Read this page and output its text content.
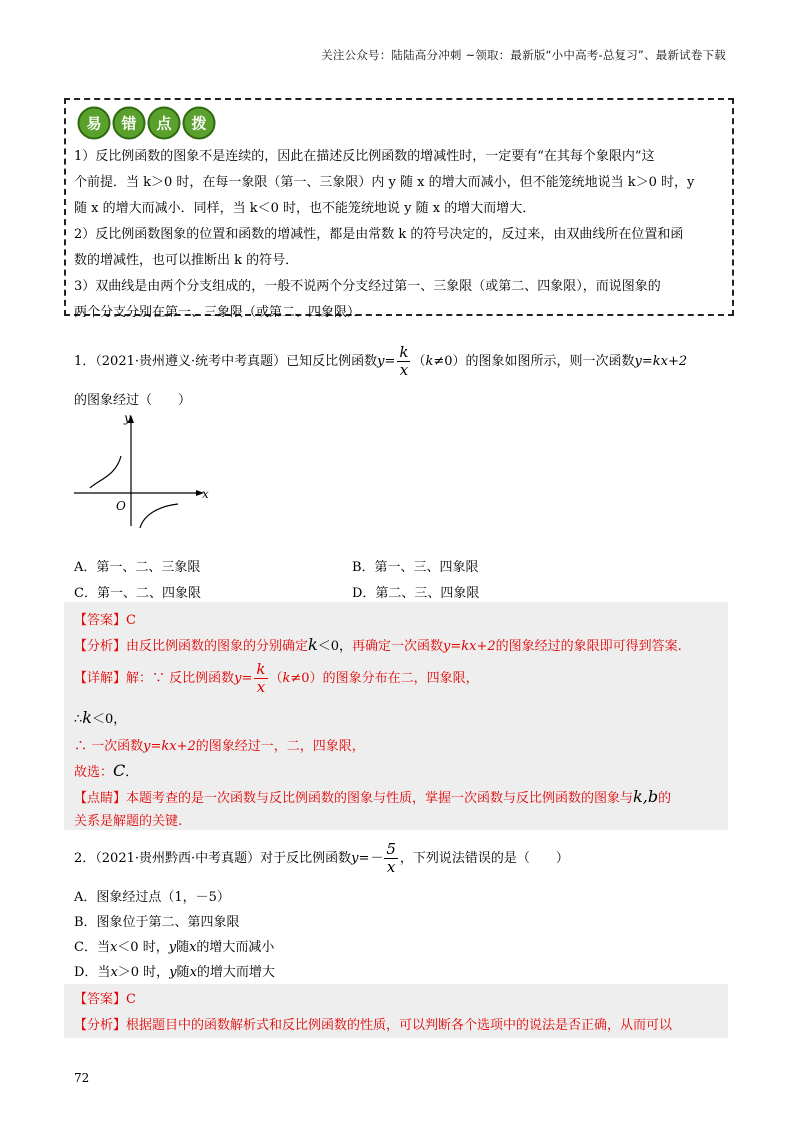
关注公众号：陆陆高分冲刺 ~领取：最新版“小中高考-总复习”、最新试卷下载
易 错 点 拨
1）反比例函数的图象不是连续的，因此在描述反比例函数的增减性时，一定要有“在其每个象限内”这
个前提．当 k＞0 时，在每一象限（第一、三象限）内 y 随 x 的增大而减小，但不能笼统地说当 k＞0 时，y
随 x 的增大而减小．同样，当 k＜0 时，也不能笼统地说 y 随 x 的增大而增大．
2）反比例函数图象的位置和函数的增减性，都是由常数 k 的符号决定的，反过来，由双曲线所在位置和函
数的增减性，也可以推断出 k 的符号．
3）双曲线是由两个分支组成的，一般不说两个分支经过第一、三象限（或第二、四象限），而说图象的
两个分支分别在第一、三象限（或第二、四象限）．
1．（2021·贵州遵义·统考中考真题）已知反比例函数$y= \frac{k}{x} (k\ne 0)$的图象如图所示，则一次函数y=kx+2
的图象经过（　　）
y
x
O
A．第一、二、三象限	B．第一、三、四象限
C．第一、二、四象限	D．第二、三、四象限
【答案】C
【分析】由反比例函数的图象的分别确定k＜0，再确定一次函数y=kx+2的图象经过的象限即可得到答案.
【详解】解：∵ 反比例函数$y= \frac{k}{x} (k\ne 0)$的图象分布在二，四象限，
∴k＜0，
∴ 一次函数y=kx+2的图象经过一，二，四象限，
故选：C．
【点睛】本题考查的是一次函数与反比例函数的图象与性质，掌握一次函数与反比例函数的图象与k,b的
关系是解题的关键.
2．（2021·贵州黔西·中考真题）对于反比例函数$y=- \frac{5}{x}$ ，下列说法错误的是（　　）
A．图象经过点（1，－5）
B．图象位于第二、第四象限
C．当x＜0 时，y随x的增大而减小
D．当x＞0 时，y随x的增大而增大
【答案】C
【分析】根据题目中的函数解析式和反比例函数的性质，可以判断各个选项中的说法是否正确，从而可以
72
